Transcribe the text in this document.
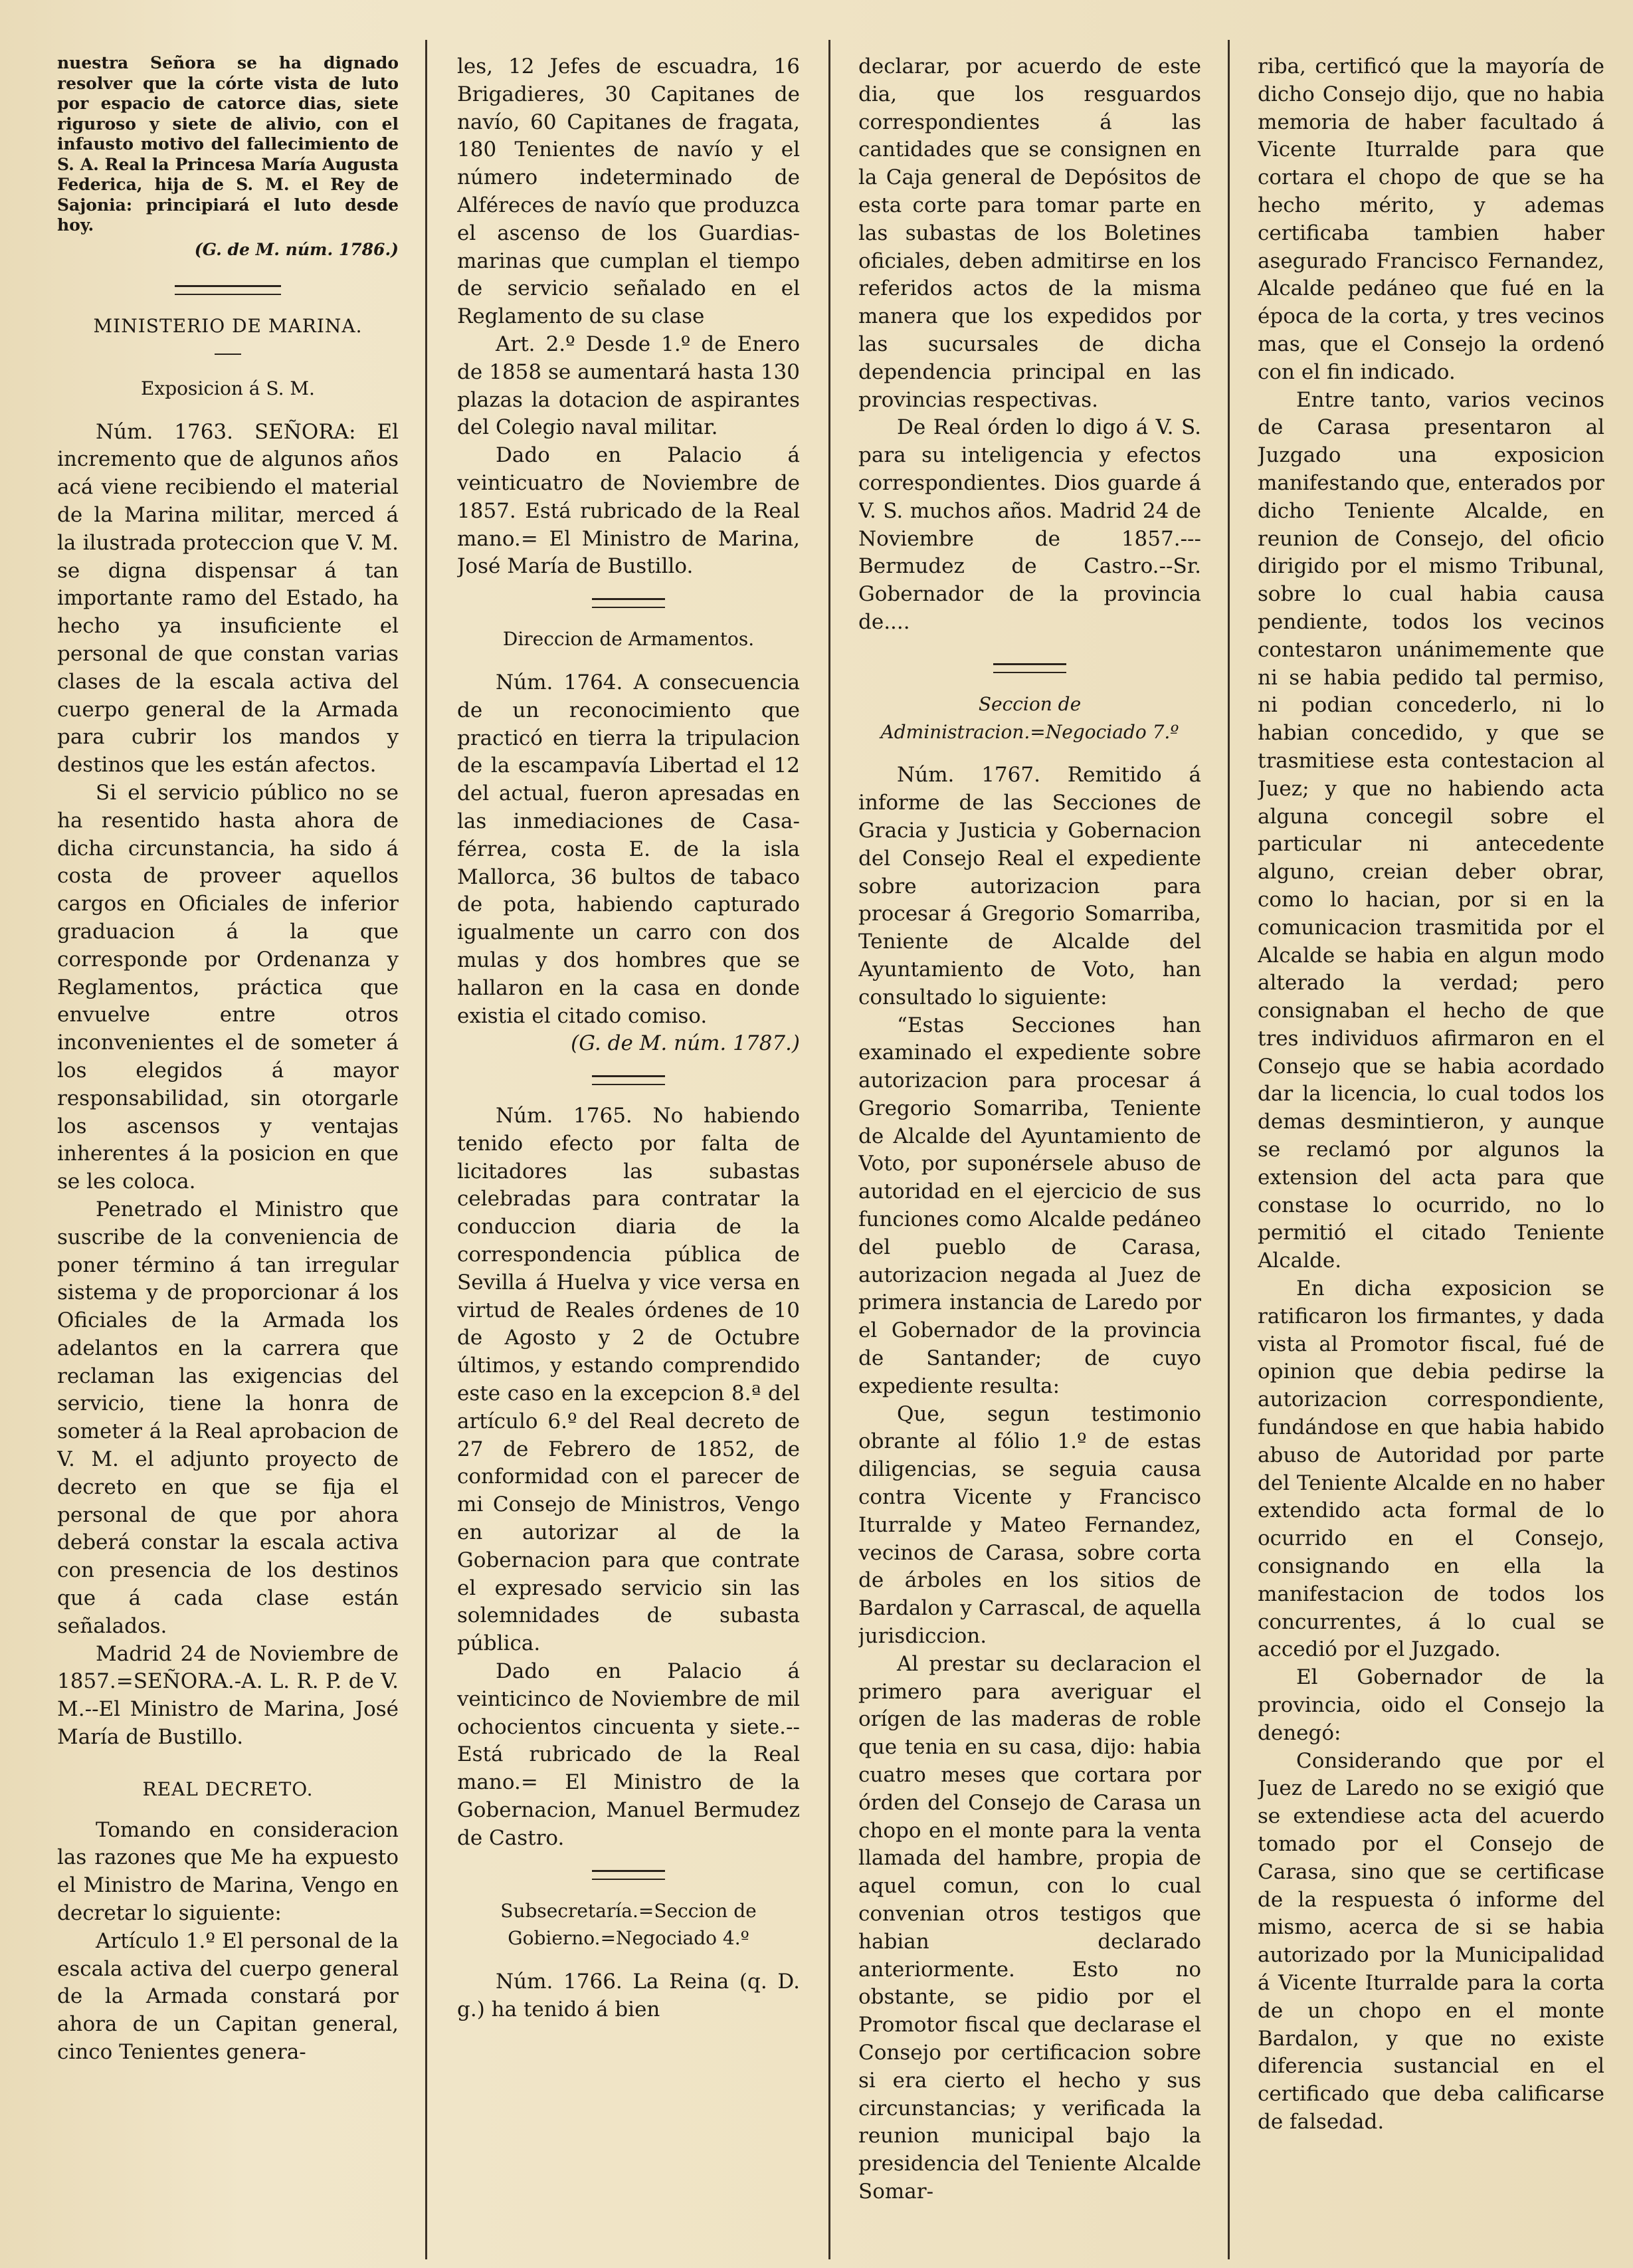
nuestra Señora se ha dignado resolver que la córte vista de luto por espacio de catorce dias, siete riguroso y siete de alivio, con el infausto motivo del fallecimiento de S. A. Real la Princesa María Augusta Federica, hija de S. M. el Rey de Sajonia: principiará el luto desde hoy.

(G. de M. núm. 1786.)

MINISTERIO DE MARINA.

Exposicion á S. M.

Núm. 1763. SEÑORA: El incremento que de algunos años acá viene recibiendo el material de la Marina militar, merced á la ilustrada proteccion que V. M. se digna dispensar á tan importante ramo del Estado, ha hecho ya insuficiente el personal de que constan varias clases de la escala activa del cuerpo general de la Armada para cubrir los mandos y destinos que les están afectos.

Si el servicio público no se ha resentido hasta ahora de dicha circunstancia, ha sido á costa de proveer aquellos cargos en Oficiales de inferior graduacion á la que corresponde por Ordenanza y Reglamentos, práctica que envuelve entre otros inconvenientes el de someter á los elegidos á mayor responsabilidad, sin otorgarle los ascensos y ventajas inherentes á la posicion en que se les coloca.

Penetrado el Ministro que suscribe de la conveniencia de poner término á tan irregular sistema y de proporcionar á los Oficiales de la Armada los adelantos en la carrera que reclaman las exigencias del servicio, tiene la honra de someter á la Real aprobacion de V. M. el adjunto proyecto de decreto en que se fija el personal de que por ahora deberá constar la escala activa con presencia de los destinos que á cada clase están señalados.

Madrid 24 de Noviembre de 1857.=SEÑORA.-A. L. R. P. de V. M.--El Ministro de Marina, José María de Bustillo.

REAL DECRETO.

Tomando en consideracion las razones que Me ha expuesto el Ministro de Marina, Vengo en decretar lo siguiente:

Artículo 1.º El personal de la escala activa del cuerpo general de la Armada constará por ahora de un Capitan general, cinco Tenientes genera-

les, 12 Jefes de escuadra, 16 Brigadieres, 30 Capitanes de navío, 60 Capitanes de fragata, 180 Tenientes de navío y el número indeterminado de Alféreces de navío que produzca el ascenso de los Guardias-marinas que cumplan el tiempo de servicio señalado en el Reglamento de su clase

Art. 2.º Desde 1.º de Enero de 1858 se aumentará hasta 130 plazas la dotacion de aspirantes del Colegio naval militar.

Dado en Palacio á veinticuatro de Noviembre de 1857. Está rubricado de la Real mano.= El Ministro de Marina, José María de Bustillo.

Direccion de Armamentos.

Núm. 1764. A consecuencia de un reconocimiento que practicó en tierra la tripulacion de la escampavía Libertad el 12 del actual, fueron apresadas en las inmediaciones de Casa-férrea, costa E. de la isla Mallorca, 36 bultos de tabaco de pota, habiendo capturado igualmente un carro con dos mulas y dos hombres que se hallaron en la casa en donde existia el citado comiso.

(G. de M. núm. 1787.)

Núm. 1765. No habiendo tenido efecto por falta de licitadores las subastas celebradas para contratar la conduccion diaria de la correspondencia pública de Sevilla á Huelva y vice versa en virtud de Reales órdenes de 10 de Agosto y 2 de Octubre últimos, y estando comprendido este caso en la excepcion 8.ª del artículo 6.º del Real decreto de 27 de Febrero de 1852, de conformidad con el parecer de mi Consejo de Ministros, Vengo en autorizar al de la Gobernacion para que contrate el expresado servicio sin las solemnidades de subasta pública.

Dado en Palacio á veinticinco de Noviembre de mil ochocientos cincuenta y siete.--Está rubricado de la Real mano.= El Ministro de la Gobernacion, Manuel Bermudez de Castro.

Subsecretaría.=Seccion de Gobierno.=Negociado 4.º

Núm. 1766. La Reina (q. D. g.) ha tenido á bien

declarar, por acuerdo de este dia, que los resguardos correspondientes á las cantidades que se consignen en la Caja general de Depósitos de esta corte para tomar parte en las subastas de los Boletines oficiales, deben admitirse en los referidos actos de la misma manera que los expedidos por las sucursales de dicha dependencia principal en las provincias respectivas.

De Real órden lo digo á V. S. para su inteligencia y efectos correspondientes. Dios guarde á V. S. muchos años. Madrid 24 de Noviembre de 1857.--- Bermudez de Castro.--Sr. Gobernador de la provincia de....

Seccion de Administracion.=Negociado 7.º

Núm. 1767. Remitido á informe de las Secciones de Gracia y Justicia y Gobernacion del Consejo Real el expediente sobre autorizacion para procesar á Gregorio Somarriba, Teniente de Alcalde del Ayuntamiento de Voto, han consultado lo siguiente:

“Estas Secciones han examinado el expediente sobre autorizacion para procesar á Gregorio Somarriba, Teniente de Alcalde del Ayuntamiento de Voto, por suponérsele abuso de autoridad en el ejercicio de sus funciones como Alcalde pedáneo del pueblo de Carasa, autorizacion negada al Juez de primera instancia de Laredo por el Gobernador de la provincia de Santander; de cuyo expediente resulta:

Que, segun testimonio obrante al fólio 1.º de estas diligencias, se seguia causa contra Vicente y Francisco Iturralde y Mateo Fernandez, vecinos de Carasa, sobre corta de árboles en los sitios de Bardalon y Carrascal, de aquella jurisdiccion.

Al prestar su declaracion el primero para averiguar el orígen de las maderas de roble que tenia en su casa, dijo: habia cuatro meses que cortara por órden del Consejo de Carasa un chopo en el monte para la venta llamada del hambre, propia de aquel comun, con lo cual convenian otros testigos que habian declarado anteriormente. Esto no obstante, se pidio por el Promotor fiscal que declarase el Consejo por certificacion sobre si era cierto el hecho y sus circunstancias; y verificada la reunion municipal bajo la presidencia del Teniente Alcalde Somar-

riba, certificó que la mayoría de dicho Consejo dijo, que no habia memoria de haber facultado á Vicente Iturralde para que cortara el chopo de que se ha hecho mérito, y ademas certificaba tambien haber asegurado Francisco Fernandez, Alcalde pedáneo que fué en la época de la corta, y tres vecinos mas, que el Consejo la ordenó con el fin indicado.

Entre tanto, varios vecinos de Carasa presentaron al Juzgado una exposicion manifestando que, enterados por dicho Teniente Alcalde, en reunion de Consejo, del oficio dirigido por el mismo Tribunal, sobre lo cual habia causa pendiente, todos los vecinos contestaron unánimemente que ni se habia pedido tal permiso, ni podian concederlo, ni lo habian concedido, y que se trasmitiese esta contestacion al Juez; y que no habiendo acta alguna concegil sobre el particular ni antecedente alguno, creian deber obrar, como lo hacian, por si en la comunicacion trasmitida por el Alcalde se habia en algun modo alterado la verdad; pero consignaban el hecho de que tres individuos afirmaron en el Consejo que se habia acordado dar la licencia, lo cual todos los demas desmintieron, y aunque se reclamó por algunos la extension del acta para que constase lo ocurrido, no lo permitió el citado Teniente Alcalde.

En dicha exposicion se ratificaron los firmantes, y dada vista al Promotor fiscal, fué de opinion que debia pedirse la autorizacion correspondiente, fundándose en que habia habido abuso de Autoridad por parte del Teniente Alcalde en no haber extendido acta formal de lo ocurrido en el Consejo, consignando en ella la manifestacion de todos los concurrentes, á lo cual se accedió por el Juzgado.

El Gobernador de la provincia, oido el Consejo la denegó:

Considerando que por el Juez de Laredo no se exigió que se extendiese acta del acuerdo tomado por el Consejo de Carasa, sino que se certificase de la respuesta ó informe del mismo, acerca de si se habia autorizado por la Municipalidad á Vicente Iturralde para la corta de un chopo en el monte Bardalon, y que no existe diferencia sustancial en el certificado que deba calificarse de falsedad.
